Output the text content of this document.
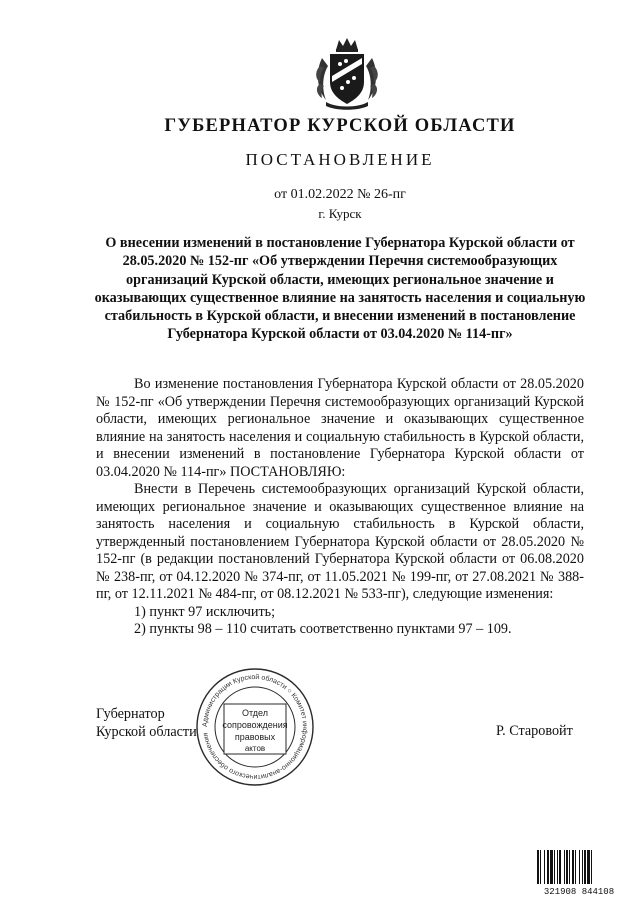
ГУБЕРНАТОР КУРСКОЙ ОБЛАСТИ
ПОСТАНОВЛЕНИЕ
от 01.02.2022 № 26-пг
г. Курск
О внесении изменений в постановление Губернатора Курской области от 28.05.2020 № 152-пг «Об утверждении Перечня системообразующих организаций Курской области, имеющих региональное значение и оказывающих существенное влияние на занятость населения и социальную стабильность в Курской области, и внесении изменений в постановление Губернатора Курской области от 03.04.2020 № 114-пг»

Во изменение постановления Губернатора Курской области от 28.05.2020 № 152-пг «Об утверждении Перечня системообразующих организаций Курской области, имеющих региональное значение и оказывающих существенное влияние на занятость населения и социальную стабильность в Курской области, и внесении изменений в постановление Губернатора Курской области от 03.04.2020 № 114-пг» ПОСТАНОВЛЯЮ:

Внести в Перечень системообразующих организаций Курской области, имеющих региональное значение и оказывающих существенное влияние на занятость населения и социальную стабильность в Курской области, утвержденный постановлением Губернатора Курской области от 28.05.2020 № 152-пг (в редакции постановлений Губернатора Курской области от 06.08.2020 № 238-пг, от 04.12.2020 № 374-пг, от 11.05.2021 № 199-пг, от 27.08.2021 № 388-пг, от 12.11.2021 № 484-пг, от 08.12.2021 № 533-пг), следующие изменения:

1) пункт 97 исключить;

2) пункты 98 – 110 считать соответственно пунктами 97 – 109.

Губернатор
Курской области	Р. Старовойт
Администрации Курской области ○ Комитет информационно-аналитического обеспечения
Отдел
сопровождения
правовых
актов
321908 844108
